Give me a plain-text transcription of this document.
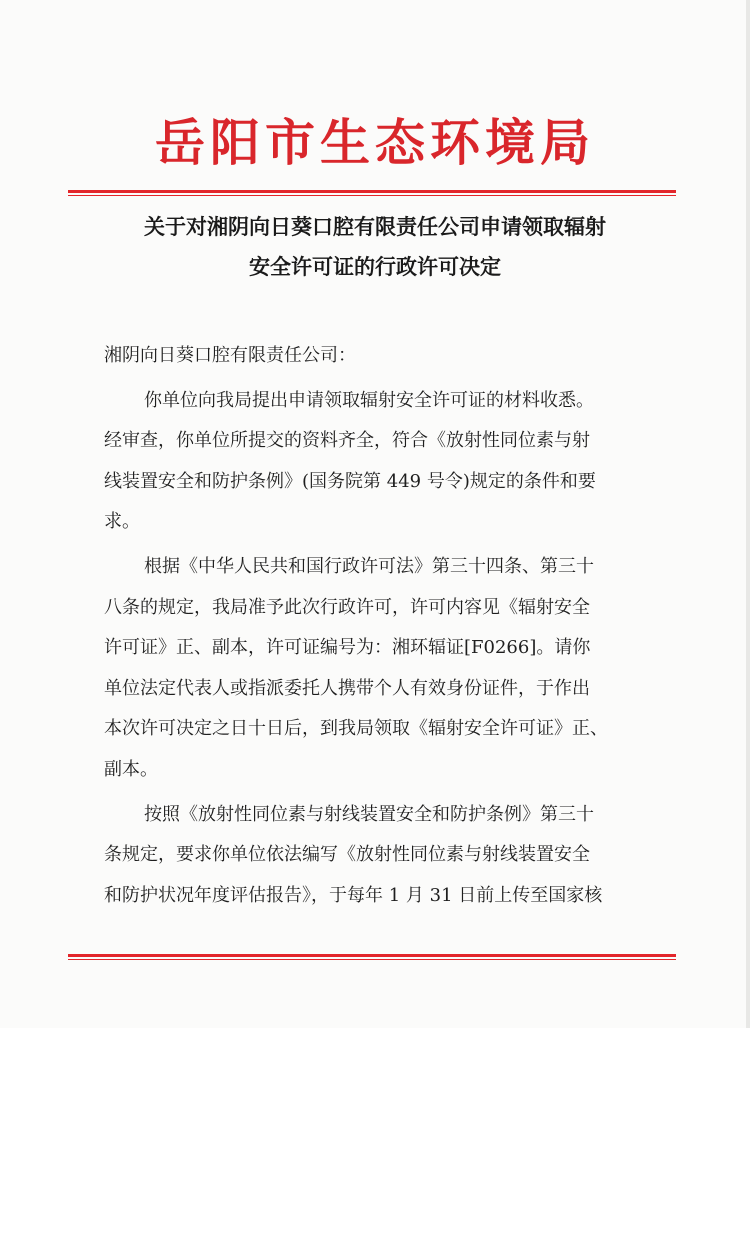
岳阳市生态环境局
关于对湘阴向日葵口腔有限责任公司申请领取辐射
安全许可证的行政许可决定
湘阴向日葵口腔有限责任公司：
你单位向我局提出申请领取辐射安全许可证的材料收悉。
经审查，你单位所提交的资料齐全，符合《放射性同位素与射
线装置安全和防护条例》(国务院第 449 号令)规定的条件和要
求。
根据《中华人民共和国行政许可法》第三十四条、第三十
八条的规定，我局准予此次行政许可，许可内容见《辐射安全
许可证》正、副本，许可证编号为：湘环辐证[F0266]。请你
单位法定代表人或指派委托人携带个人有效身份证件，于作出
本次许可决定之日十日后，到我局领取《辐射安全许可证》正、
副本。
按照《放射性同位素与射线装置安全和防护条例》第三十
条规定，要求你单位依法编写《放射性同位素与射线装置安全
和防护状况年度评估报告》，于每年 1 月 31 日前上传至国家核
